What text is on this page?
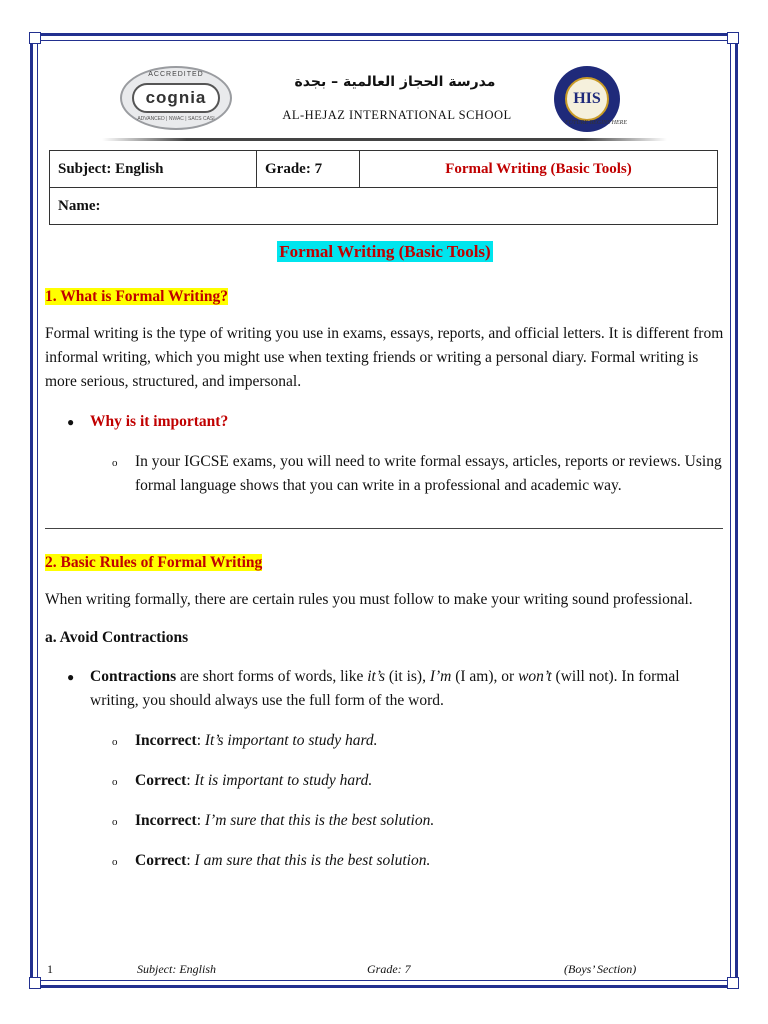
ACCREDITED
cognia
ADVANCED | NWAC | SACS CASI
مدرسة الحجاز العالمية – بجدة
AL-HEJAZ INTERNATIONAL SCHOOL
HIS
FUTURE BEGINS HERE
Subject: English	Grade: 7	Formal Writing (Basic Tools)
Name:
Formal Writing (Basic Tools)

1. What is Formal Writing?

Formal writing is the type of writing you use in exams, essays, reports, and official letters. It is different from informal writing, which you might use when texting friends or writing a personal diary. Formal writing is more serious, structured, and impersonal.

● Why is it important?
o In your IGCSE exams, you will need to write formal essays, articles, reports or reviews. Using formal language shows that you can write in a professional and academic way.

2. Basic Rules of Formal Writing

When writing formally, there are certain rules you must follow to make your writing sound professional.

a. Avoid Contractions

● Contractions are short forms of words, like it’s (it is), I’m (I am), or won’t (will not). In formal writing, you should always use the full form of the word.
o Incorrect: It’s important to study hard.
o Correct: It is important to study hard.
o Incorrect: I’m sure that this is the best solution.
o Correct: I am sure that this is the best solution.
1	Subject: English	Grade: 7	(Boys’ Section)
